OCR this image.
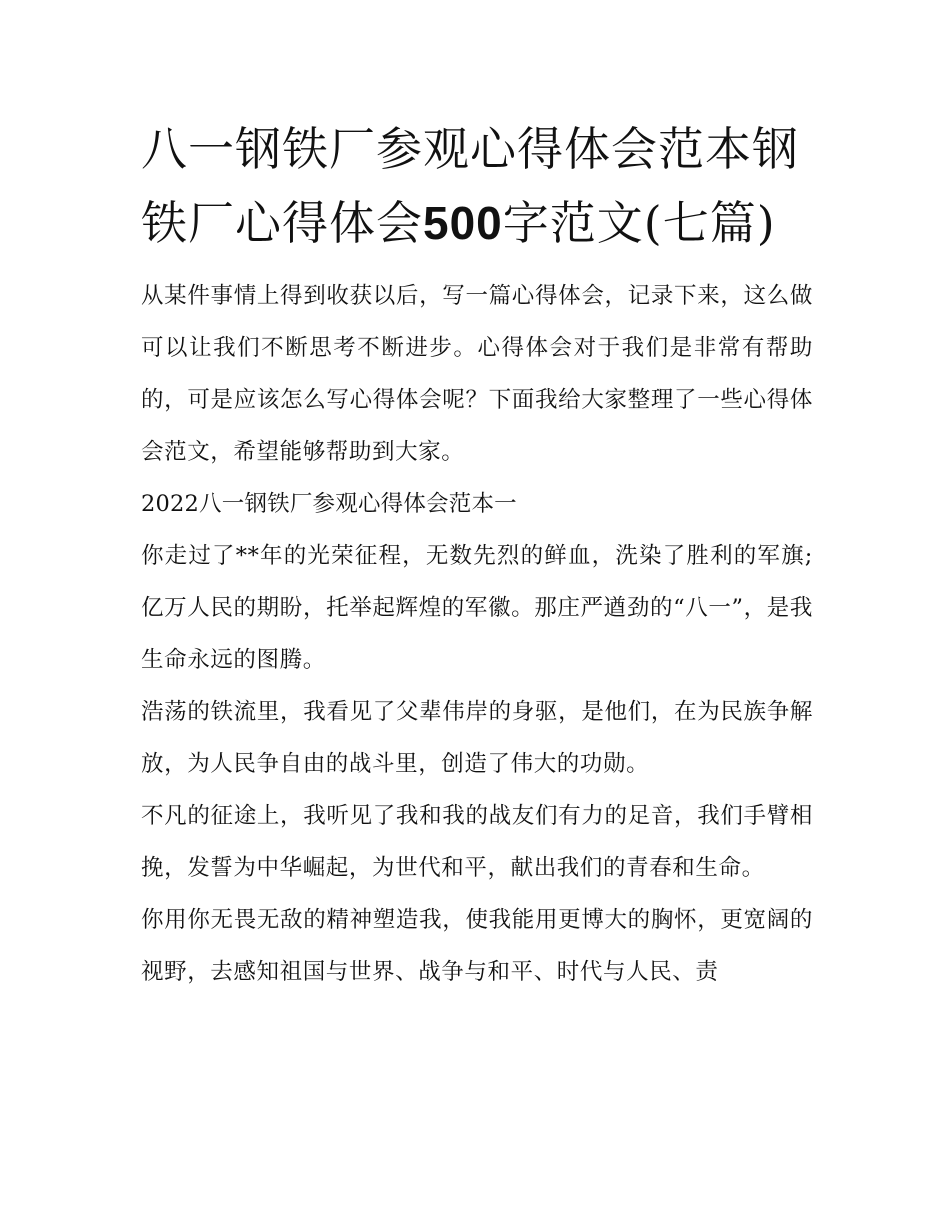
八一钢铁厂参观心得体会范本钢铁厂心得体会500字范文(七篇)

从某件事情上得到收获以后，写一篇心得体会，记录下来，这么做可以让我们不断思考不断进步。心得体会对于我们是非常有帮助的，可是应该怎么写心得体会呢？下面我给大家整理了一些心得体会范文，希望能够帮助到大家。

2022八一钢铁厂参观心得体会范本一

你走过了**年的光荣征程，无数先烈的鲜血，洗染了胜利的军旗;亿万人民的期盼，托举起辉煌的军徽。那庄严遒劲的“八一”，是我生命永远的图腾。

浩荡的铁流里，我看见了父辈伟岸的身驱，是他们，在为民族争解放，为人民争自由的战斗里，创造了伟大的功勋。

不凡的征途上，我听见了我和我的战友们有力的足音，我们手臂相挽，发誓为中华崛起，为世代和平，献出我们的青春和生命。

你用你无畏无敌的精神塑造我，使我能用更博大的胸怀，更宽阔的视野，去感知祖国与世界、战争与和平、时代与人民、责
